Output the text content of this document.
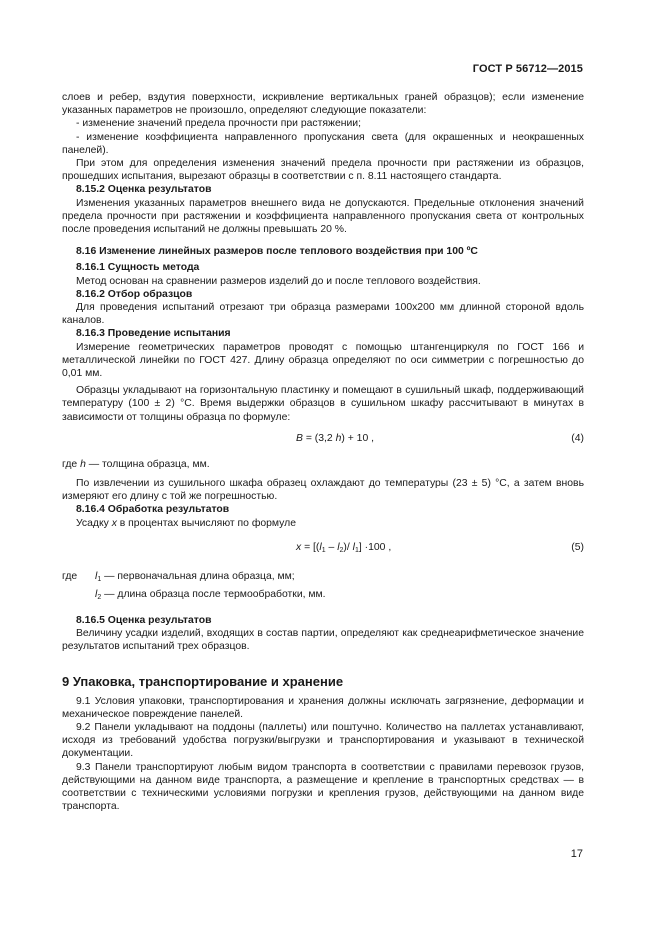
ГОСТ Р 56712—2015

слоев и ребер, вздутия поверхности, искривление вертикальных граней образцов); если изменение указанных параметров не произошло, определяют следующие показатели:

- изменение значений предела прочности при растяжении;

- изменение коэффициента направленного пропускания света (для окрашенных и неокрашенных панелей).

При этом для определения изменения значений предела прочности при растяжении из образцов, прошедших испытания, вырезают образцы в соответствии с п. 8.11 настоящего стандарта.

8.15.2 Оценка результатов

Изменения указанных параметров внешнего вида не допускаются. Предельные отклонения значений предела прочности при растяжении и коэффициента направленного пропускания света от контрольных после проведения испытаний не должны превышать 20 %.

8.16 Изменение линейных размеров после теплового воздействия при 100 ºС

8.16.1 Сущность метода

Метод основан на сравнении размеров изделий до и после теплового воздействия.

8.16.2 Отбор образцов

Для проведения испытаний отрезают три образца размерами 100x200 мм длинной стороной вдоль каналов.

8.16.3 Проведение испытания

Измерение геометрических параметров проводят с помощью штангенциркуля по ГОСТ 166 и металлической линейки по ГОСТ 427. Длину образца определяют по оси симметрии с погрешностью до 0,01 мм.

Образцы укладывают на горизонтальную пластинку и помещают в сушильный шкаф, поддерживающий температуру (100 ± 2) °С. Время выдержки образцов в сушильном шкафу рассчитывают в минутах в зависимости от толщины образца по формуле:

B = (3,2 h) + 10 ,	(4)

где h — толщина образца, мм.

По извлечении из сушильного шкафа образец охлаждают до температуры (23 ± 5) °С, а затем вновь измеряют его длину с той же погрешностью.

8.16.4 Обработка результатов

Усадку x в процентах вычисляют по формуле

$x = [(l_1 - l_2)/$ $l_1] \cdot 100$ ,	(5)
где $l_1$ — первоначальная длина образца, мм;
$l_2$ — длина образца после термообработки, мм.

8.16.5 Оценка результатов

Величину усадки изделий, входящих в состав партии, определяют как среднеарифметическое значение результатов испытаний трех образцов.

9 Упаковка, транспортирование и хранение

9.1 Условия упаковки, транспортирования и хранения должны исключать загрязнение, деформации и механическое повреждение панелей.

9.2 Панели укладывают на поддоны (паллеты) или поштучно. Количество на паллетах устанавливают, исходя из требований удобства погрузки/выгрузки и транспортирования и указывают в технической документации.

9.3 Панели транспортируют любым видом транспорта в соответствии с правилами перевозок грузов, действующими на данном виде транспорта, а размещение и крепление в транспортных средствах — в соответствии с техническими условиями погрузки и крепления грузов, действующими на данном виде транспорта.

17
